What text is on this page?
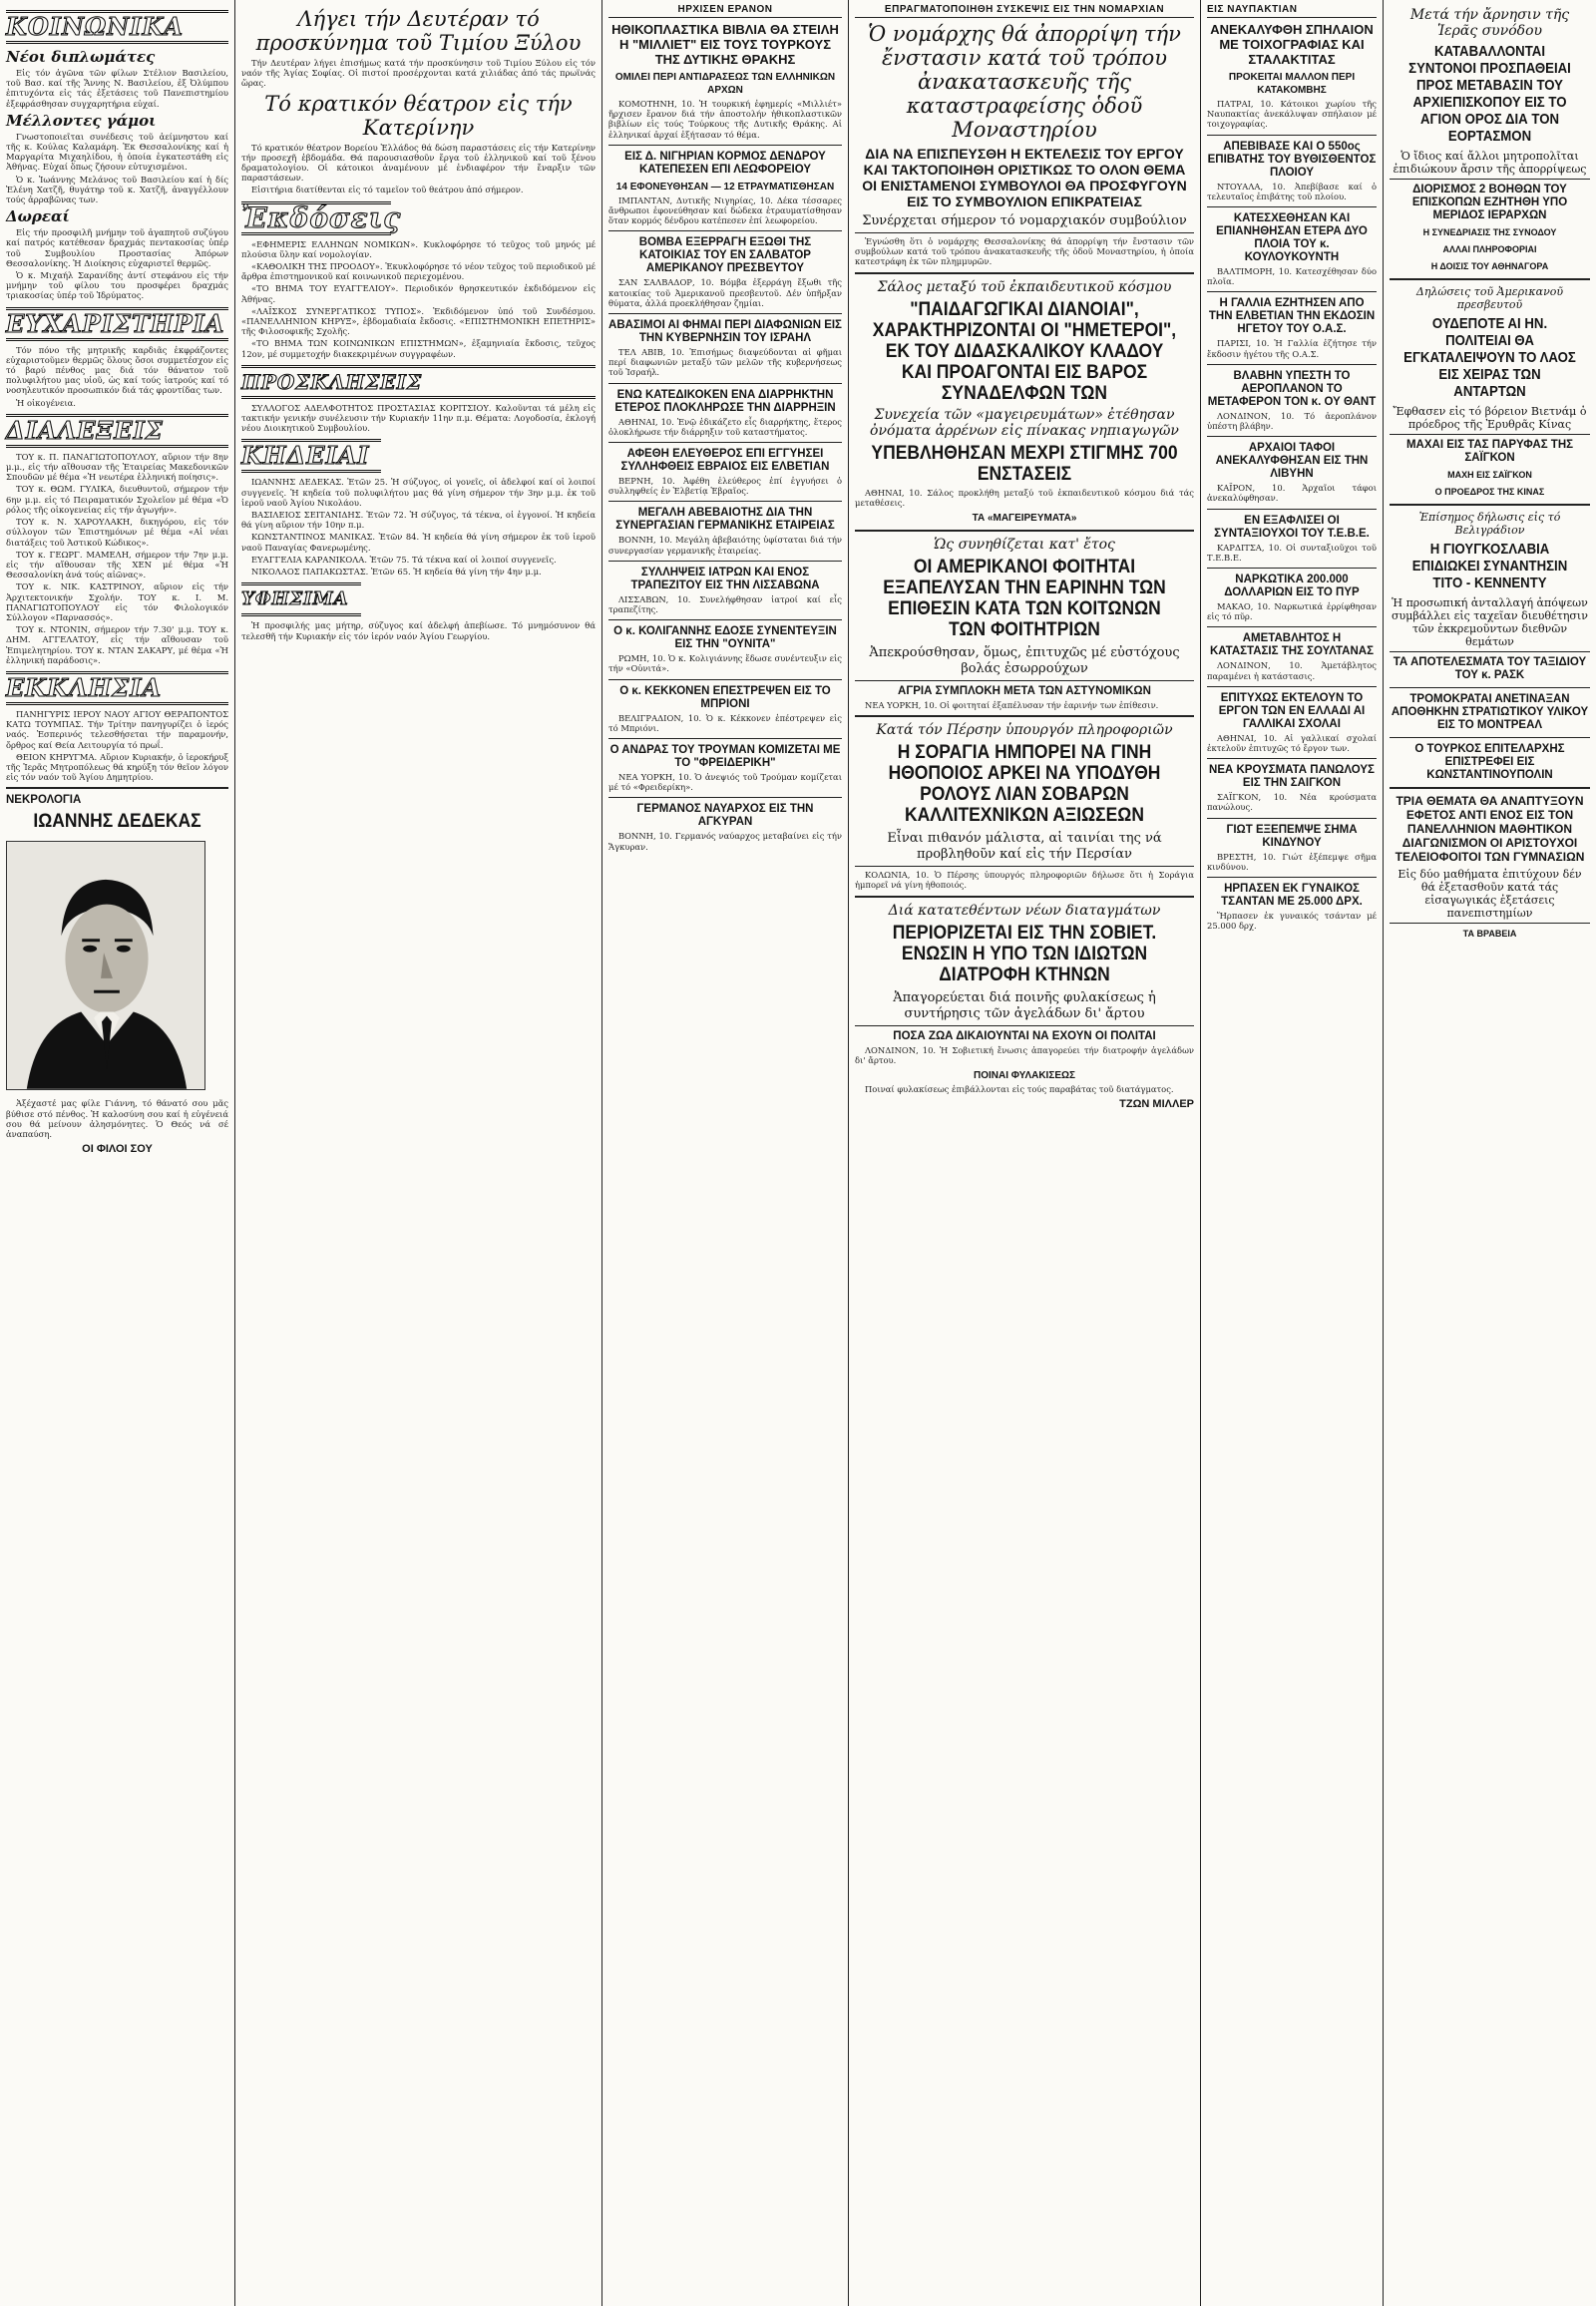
ΚΟΙΝΩΝΙΚΑ
Νέοι διπλωμάτες

Εἰς τόν ἀγῶνα τῶν φίλων Στέλιον Βασιλείου, τοῦ Βασ. καί τῆς Ἄννης Ν. Βασιλείου, ἐξ Ὀλύμπου ἐπιτυχόντα εἰς τάς ἐξετάσεις τοῦ Πανεπιστημίου ἐξεφράσθησαν συγχαρητήρια εὐχαί.

Μέλλοντες γάμοι

Γνωστοποιεῖται συνέδεσις τοῦ ἀείμνηστου καί τῆς κ. Κούλας Καλαμάρη. Ἐκ Θεσσαλονίκης καί ἡ Μαργαρίτα Μιχαηλίδου, ἡ ὁποία ἐγκατεστάθη εἰς Ἀθήνας. Εὐχαί ὅπως ζήσουν εὐτυχισμένοι.

Ὁ κ. Ἰωάννης Μελάνος τοῦ Βασιλείου καί ἡ δίς Ἑλένη Χατζῆ, θυγάτηρ τοῦ κ. Χατζῆ, ἀναγγέλλουν τούς ἀρραβῶνας των.

Δωρεαί

Εἰς τήν προσφιλῆ μνήμην τοῦ ἀγαπητοῦ συζύγου καί πατρός κατέθεσαν δραχμάς πεντακοσίας ὑπέρ τοῦ Συμβουλίου Προστασίας Ἀπόρων Θεσσαλονίκης. Ἡ Διοίκησις εὐχαριστεῖ θερμῶς.

Ὁ κ. Μιχαήλ Σαρανίδης ἀντί στεφάνου εἰς τήν μνήμην τοῦ φίλου του προσφέρει δραχμάς τριακοσίας ὑπέρ τοῦ Ἱδρύματος.

ΕΥΧΑΡΙΣΤΗΡΙΑ

Τόν πόνο τῆς μητρικῆς καρδιᾶς ἐκφράζοντες εὐχαριστοῦμεν θερμῶς ὅλους ὅσοι συμμετέσχον εἰς τό βαρύ πένθος μας διά τόν θάνατον τοῦ πολυφιλήτου μας υἱοῦ, ὡς καί τούς ἰατρούς καί τό νοσηλευτικόν προσωπικόν διά τάς φροντίδας των.

Ἡ οἰκογένεια.

ΔΙΑΛΕΞΕΙΣ

ΤΟΥ κ. Π. ΠΑΝΑΓΙΩΤΟΠΟΥΛΟΥ, αὔριον τήν 8ην μ.μ., εἰς τήν αἴθουσαν τῆς Ἑταιρείας Μακεδονικῶν Σπουδῶν μέ θέμα «Ἡ νεωτέρα ἑλληνική ποίησις».

ΤΟΥ κ. ΘΩΜ. ΓΥΛΙΚΑ, διευθυντοῦ, σήμερον τήν 6ην μ.μ. εἰς τό Πειραματικόν Σχολεῖον μέ θέμα «Ὁ ρόλος τῆς οἰκογενείας εἰς τήν ἀγωγήν».

ΤΟΥ κ. Ν. ΧΑΡΟΥΛΑΚΗ, δικηγόρου, εἰς τόν σύλλογον τῶν Ἐπιστημόνων μέ θέμα «Αἱ νέαι διατάξεις τοῦ Ἀστικοῦ Κώδικος».

ΤΟΥ κ. ΓΕΩΡΓ. ΜΑΜΕΛΗ, σήμερον τήν 7ην μ.μ. εἰς τήν αἴθουσαν τῆς ΧΕΝ μέ θέμα «Ἡ Θεσσαλονίκη ἀνά τούς αἰῶνας».

ΤΟΥ κ. ΝΙΚ. ΚΑΣΤΡΙΝΟΥ, αὔριον εἰς τήν Ἀρχιτεκτονικήν Σχολήν. ΤΟΥ κ. Ι. Μ. ΠΑΝΑΓΙΩΤΟΠΟΥΛΟΥ εἰς τόν Φιλολογικόν Σύλλογον «Παρνασσός».

ΤΟΥ κ. ΝΤΟΝΙΝ, σήμερον τήν 7.30' μ.μ. ΤΟΥ κ. ΔΗΜ. ΑΓΓΕΛΑΤΟΥ, εἰς τήν αἴθουσαν τοῦ Ἐπιμελητηρίου. ΤΟΥ κ. ΝΤΑΝ ΣΑΚΑΡΥ, μέ θέμα «Ἡ ἑλληνική παράδοσις».

ΕΚΚΛΗΣΙΑ

ΠΑΝΗΓΥΡΙΣ ΙΕΡΟΥ ΝΑΟΥ ΑΓΙΟΥ ΘΕΡΑΠΟΝΤΟΣ ΚΑΤΩ ΤΟΥΜΠΑΣ. Τήν Τρίτην πανηγυρίζει ὁ ἱερός ναός. Ἑσπερινός τελεσθήσεται τήν παραμονήν, ὄρθρος καί Θεία Λειτουργία τό πρωΐ.

ΘΕΙΟΝ ΚΗΡΥΓΜΑ. Αὔριον Κυριακήν, ὁ ἱεροκήρυξ τῆς Ἱερᾶς Μητροπόλεως θά κηρύξη τόν θεῖον λόγον εἰς τόν ναόν τοῦ Ἁγίου Δημητρίου.

ΝΕΚΡΟΛΟΓΙΑ
ΙΩΑΝΝΗΣ ΔΕΔΕΚΑΣ

Ἀξέχαστέ μας φίλε Γιάννη, τό θάνατό σου μᾶς βύθισε στό πένθος. Ἡ καλοσύνη σου καί ἡ εὐγένειά σου θά μείνουν ἀλησμόνητες. Ὁ Θεός νά σέ ἀναπαύση.

ΟΙ ΦΙΛΟΙ ΣΟΥ
Λήγει τήν Δευτέραν τό προσκύνημα τοῦ Τιμίου Ξύλου

Τήν Δευτέραν λήγει ἐπισήμως κατά τήν προσκύνησιν τοῦ Τιμίου Ξύλου εἰς τόν ναόν τῆς Ἁγίας Σοφίας. Οἱ πιστοί προσέρχονται κατά χιλιάδας ἀπό τάς πρωϊνάς ὥρας.

Τό κρατικόν θέατρον εἰς τήν Κατερίνην

Τό κρατικόν θέατρον Βορείου Ἑλλάδος θά δώση παραστάσεις εἰς τήν Κατερίνην τήν προσεχῆ ἑβδομάδα. Θά παρουσιασθοῦν ἔργα τοῦ ἑλληνικοῦ καί τοῦ ξένου δραματολογίου. Οἱ κάτοικοι ἀναμένουν μέ ἐνδιαφέρον τήν ἔναρξιν τῶν παραστάσεων.

Εἰσιτήρια διατίθενται εἰς τό ταμεῖον τοῦ θεάτρου ἀπό σήμερον.

Ἐκδόσεις

«ΕΦΗΜΕΡΙΣ ΕΛΛΗΝΩΝ ΝΟΜΙΚΩΝ». Κυκλοφόρησε τό τεῦχος τοῦ μηνός μέ πλούσια ὕλην καί νομολογίαν.

«ΚΑΘΟΛΙΚΗ ΤΗΣ ΠΡΟΟΔΟΥ». Ἐκυκλοφόρησε τό νέον τεῦχος τοῦ περιοδικοῦ μέ ἄρθρα ἐπιστημονικοῦ καί κοινωνικοῦ περιεχομένου.

«ΤΟ ΒΗΜΑ ΤΟΥ ΕΥΑΓΓΕΛΙΟΥ». Περιοδικόν θρησκευτικόν ἐκδιδόμενον εἰς Ἀθήνας.

«ΛΑΪΣΚΟΣ ΣΥΝΕΡΓΑΤΙΚΟΣ ΤΥΠΟΣ». Ἐκδιδόμενον ὑπό τοῦ Συνδέσμου. «ΠΑΝΕΛΛΗΝΙΟΝ ΚΗΡΥΞ», ἑβδομαδιαία ἔκδοσις. «ΕΠΙΣΤΗΜΟΝΙΚΗ ΕΠΕΤΗΡΙΣ» τῆς Φιλοσοφικῆς Σχολῆς.

«ΤΟ ΒΗΜΑ ΤΩΝ ΚΟΙΝΩΝΙΚΩΝ ΕΠΙΣΤΗΜΩΝ», ἑξαμηνιαία ἔκδοσις, τεῦχος 12ον, μέ συμμετοχήν διακεκριμένων συγγραφέων.

ΠΡΟΣΚΛΗΣΕΙΣ

ΣΥΛΛΟΓΟΣ ΑΔΕΛΦΟΤΗΤΟΣ ΠΡΟΣΤΑΣΙΑΣ ΚΟΡΙΤΣΙΟΥ. Καλοῦνται τά μέλη εἰς τακτικήν γενικήν συνέλευσιν τήν Κυριακήν 11ην π.μ. Θέματα: Λογοδοσία, ἐκλογή νέου Διοικητικοῦ Συμβουλίου.

ΚΗΔΕΙΑΙ

ΙΩΑΝΝΗΣ ΔΕΔΕΚΑΣ. Ἐτῶν 25. Ἡ σύζυγος, οἱ γονεῖς, οἱ ἀδελφοί καί οἱ λοιποί συγγενεῖς. Ἡ κηδεία τοῦ πολυφιλήτου μας θά γίνη σήμερον τήν 3ην μ.μ. ἐκ τοῦ ἱεροῦ ναοῦ Ἁγίου Νικολάου.

ΒΑΣΙΛΕΙΟΣ ΣΕΙΤΑΝΙΔΗΣ. Ἐτῶν 72. Ἡ σύζυγος, τά τέκνα, οἱ ἐγγονοί. Ἡ κηδεία θά γίνη αὔριον τήν 10ην π.μ.

ΚΩΝΣΤΑΝΤΙΝΟΣ ΜΑΝΙΚΑΣ. Ἐτῶν 84. Ἡ κηδεία θά γίνη σήμερον ἐκ τοῦ ἱεροῦ ναοῦ Παναγίας Φανερωμένης.

ΕΥΑΓΓΕΛΙΑ ΚΑΡΑΝΙΚΟΛΑ. Ἐτῶν 75. Τά τέκνα καί οἱ λοιποί συγγενεῖς.

ΝΙΚΟΛΑΟΣ ΠΑΠΑΚΩΣΤΑΣ. Ἐτῶν 65. Ἡ κηδεία θά γίνη τήν 4ην μ.μ.

ΥΦΗΣΙΜΑ

Ἡ προσφιλής μας μήτηρ, σύζυγος καί ἀδελφή ἀπεβίωσε. Τό μνημόσυνον θά τελεσθῆ τήν Κυριακήν εἰς τόν ἱερόν ναόν Ἁγίου Γεωργίου.

ΗΡΧΙΣΕΝ ΕΡΑΝΟΝ
ΗΘΙΚΟΠΛΑΣΤΙΚΑ ΒΙΒΛΙΑ ΘΑ ΣΤΕΙΛΗ Η "ΜΙΛΛΙΕΤ" ΕΙΣ ΤΟΥΣ ΤΟΥΡΚΟΥΣ ΤΗΣ ΔΥΤΙΚΗΣ ΘΡΑΚΗΣ
ΟΜΙΛΕΙ ΠΕΡΙ ΑΝΤΙΔΡΑΣΕΩΣ ΤΩΝ ΕΛΛΗΝΙΚΩΝ ΑΡΧΩΝ

ΚΟΜΟΤΗΝΗ, 10. Ἡ τουρκική ἐφημερίς «Μιλλιέτ» ἤρχισεν ἔρανον διά τήν ἀποστολήν ἠθικοπλαστικῶν βιβλίων εἰς τούς Τούρκους τῆς Δυτικῆς Θράκης. Αἱ ἑλληνικαί ἀρχαί ἐξήτασαν τό θέμα.

ΕΙΣ Δ. ΝΙΓΗΡΙΑΝ ΚΟΡΜΟΣ ΔΕΝΔΡΟΥ ΚΑΤΕΠΕΣΕΝ ΕΠΙ ΛΕΩΦΟΡΕΙΟΥ
14 ΕΦΟΝΕΥΘΗΣΑΝ — 12 ΕΤΡΑΥΜΑΤΙΣΘΗΣΑΝ

ΙΜΠΑΝΤΑΝ, Δυτικῆς Νιγηρίας, 10. Δέκα τέσσαρες ἄνθρωποι ἐφονεύθησαν καί δώδεκα ἐτραυματίσθησαν ὅταν κορμός δένδρου κατέπεσεν ἐπί λεωφορείου.

ΒΟΜΒΑ ΕΞΕΡΡΑΓΗ ΕΞΩΘΙ ΤΗΣ ΚΑΤΟΙΚΙΑΣ ΤΟΥ ΕΝ ΣΑΛΒΑΤΟΡ ΑΜΕΡΙΚΑΝΟΥ ΠΡΕΣΒΕΥΤΟΥ

ΣΑΝ ΣΑΛΒΑΔΟΡ, 10. Βόμβα ἐξερράγη ἔξωθι τῆς κατοικίας τοῦ Ἀμερικανοῦ πρεσβευτοῦ. Δέν ὑπῆρξαν θύματα, ἀλλά προεκλήθησαν ζημίαι.

ΑΒΑΣΙΜΟΙ ΑΙ ΦΗΜΑΙ ΠΕΡΙ ΔΙΑΦΩΝΙΩΝ ΕΙΣ ΤΗΝ ΚΥΒΕΡΝΗΣΙΝ ΤΟΥ ΙΣΡΑΗΛ

ΤΕΛ ΑΒΙΒ, 10. Ἐπισήμως διαψεύδονται αἱ φῆμαι περί διαφωνιῶν μεταξύ τῶν μελῶν τῆς κυβερνήσεως τοῦ Ἰσραήλ.

ΕΝΩ ΚΑΤΕΔΙΚΟΚΕΝ ΕΝΑ ΔΙΑΡΡΗΚΤΗΝ ΕΤΕΡΟΣ ΠΛΟΚΛΗΡΩΣΕ ΤΗΝ ΔΙΑΡΡΗΞΙΝ

ΑΘΗΝΑΙ, 10. Ἐνῷ ἐδικάζετο εἷς διαρρήκτης, ἕτερος ὁλοκλήρωσε τήν διάρρηξιν τοῦ καταστήματος.

ΑΦΕΘΗ ΕΛΕΥΘΕΡΟΣ ΕΠΙ ΕΓΓΥΗΣΕΙ ΣΥΛΛΗΦΘΕΙΣ ΕΒΡΑΙΟΣ ΕΙΣ ΕΛΒΕΤΙΑΝ

ΒΕΡΝΗ, 10. Ἀφέθη ἐλεύθερος ἐπί ἐγγυήσει ὁ συλληφθείς ἐν Ἐλβετίᾳ Ἑβραῖος.

ΜΕΓΑΛΗ ΑΒΕΒΑΙΟΤΗΣ ΔΙΑ ΤΗΝ ΣΥΝΕΡΓΑΣΙΑΝ ΓΕΡΜΑΝΙΚΗΣ ΕΤΑΙΡΕΙΑΣ

ΒΟΝΝΗ, 10. Μεγάλη ἀβεβαιότης ὑφίσταται διά τήν συνεργασίαν γερμανικῆς ἑταιρείας.

ΣΥΛΛΗΨΕΙΣ ΙΑΤΡΩΝ ΚΑΙ ΕΝΟΣ ΤΡΑΠΕΖΙΤΟΥ ΕΙΣ ΤΗΝ ΛΙΣΣΑΒΩΝΑ

ΛΙΣΣΑΒΩΝ, 10. Συνελήφθησαν ἰατροί καί εἷς τραπεζίτης.

Ο κ. ΚΟΛΙΓΑΝΝΗΣ ΕΔΟΣΕ ΣΥΝΕΝΤΕΥΞΙΝ ΕΙΣ ΤΗΝ "ΟΥΝΙΤΑ"

ΡΩΜΗ, 10. Ὁ κ. Κολιγιάννης ἔδωσε συνέντευξιν εἰς τήν «Οὐνιτά».

Ο κ. ΚΕΚΚΟΝΕΝ ΕΠΕΣΤΡΕΨΕΝ ΕΙΣ ΤΟ ΜΠΡΙΟΝΙ

ΒΕΛΙΓΡΑΔΙΟΝ, 10. Ὁ κ. Κέκκονεν ἐπέστρεψεν εἰς τό Μπριόνι.

Ο ΑΝΔΡΑΣ ΤΟΥ ΤΡΟΥΜΑΝ ΚΟΜΙΖΕΤΑΙ ΜΕ ΤΟ "ΦΡΕΙΔΕΡΙΚΗ"

ΝΕΑ ΥΟΡΚΗ, 10. Ὁ ἀνεψιός τοῦ Τρούμαν κομίζεται μέ τό «Φρειδερίκη».

ΓΕΡΜΑΝΟΣ ΝΑΥΑΡΧΟΣ ΕΙΣ ΤΗΝ ΑΓΚΥΡΑΝ

ΒΟΝΝΗ, 10. Γερμανός ναύαρχος μεταβαίνει εἰς τήν Ἄγκυραν.

ΕΠΡΑΓΜΑΤΟΠΟΙΗΘΗ ΣΥΣΚΕΨΙΣ ΕΙΣ ΤΗΝ ΝΟΜΑΡΧΙΑΝ
Ὁ νομάρχης θά ἀπορρίψη τήν ἔνστασιν κατά τοῦ τρόπου ἀνακατασκευῆς τῆς καταστραφείσης ὁδοῦ Μοναστηρίου
ΔΙΑ ΝΑ ΕΠΙΣΠΕΥΣΘΗ Η ΕΚΤΕΛΕΣΙΣ ΤΟΥ ΕΡΓΟΥ ΚΑΙ ΤΑΚΤΟΠΟΙΗΘΗ ΟΡΙΣΤΙΚΩΣ ΤΟ ΟΛΟΝ ΘΕΜΑ ΟΙ ΕΝΙΣΤΑΜΕΝΟΙ ΣΥΜΒΟΥΛΟΙ ΘΑ ΠΡΟΣΦΥΓΟΥΝ ΕΙΣ ΤΟ ΣΥΜΒΟΥΛΙΟΝ ΕΠΙΚΡΑΤΕΙΑΣ
Συνέρχεται σήμερον τό νομαρχιακόν συμβούλιον

Ἐγνώσθη ὅτι ὁ νομάρχης Θεσσαλονίκης θά ἀπορρίψη τήν ἔνστασιν τῶν συμβούλων κατά τοῦ τρόπου ἀνακατασκευῆς τῆς ὁδοῦ Μοναστηρίου, ἡ ὁποία κατεστράφη ἐκ τῶν πλημμυρῶν.

Σάλος μεταξύ τοῦ ἐκπαιδευτικοῦ κόσμου
"ΠΑΙΔΑΓΩΓΙΚΑΙ ΔΙΑΝΟΙΑΙ", ΧΑΡΑΚΤΗΡΙΖΟΝΤΑΙ ΟΙ "ΗΜΕΤΕΡΟΙ", ΕΚ ΤΟΥ ΔΙΔΑΣΚΑΛΙΚΟΥ ΚΛΑΔΟΥ ΚΑΙ ΠΡΟΑΓΟΝΤΑΙ ΕΙΣ ΒΑΡΟΣ ΣΥΝΑΔΕΛΦΩΝ ΤΩΝ
Συνεχεία τῶν «μαγειρευμάτων» ἐτέθησαν ὀνόματα ἀρρένων εἰς πίνακας νηπιαγωγῶν
ΥΠΕΒΛΗΘΗΣΑΝ ΜΕΧΡΙ ΣΤΙΓΜΗΣ 700 ΕΝΣΤΑΣΕΙΣ

ΑΘΗΝΑΙ, 10. Σάλος προκλήθη μεταξύ τοῦ ἐκπαιδευτικοῦ κόσμου διά τάς μεταθέσεις.

ΤΑ «ΜΑΓΕΙΡΕΥΜΑΤΑ»
Ὡς συνηθίζεται κατ' ἔτος
ΟΙ ΑΜΕΡΙΚΑΝΟΙ ΦΟΙΤΗΤΑΙ ΕΞΑΠΕΛΥΣΑΝ ΤΗΝ ΕΑΡΙΝΗΝ ΤΩΝ ΕΠΙΘΕΣΙΝ ΚΑΤΑ ΤΩΝ ΚΟΙΤΩΝΩΝ ΤΩΝ ΦΟΙΤΗΤΡΙΩΝ
Ἀπεκρούσθησαν, ὅμως, ἐπιτυχῶς μέ εὐστόχους βολάς ἐσωρρούχων
ΑΓΡΙΑ ΣΥΜΠΛΟΚΗ ΜΕΤΑ ΤΩΝ ΑΣΤΥΝΟΜΙΚΩΝ

ΝΕΑ ΥΟΡΚΗ, 10. Οἱ φοιτηταί ἐξαπέλυσαν τήν ἐαρινήν των ἐπίθεσιν.

Κατά τόν Πέρσην ὑπουργόν πληροφοριῶν
Η ΣΟΡΑΓΙΑ ΗΜΠΟΡΕΙ ΝΑ ΓΙΝΗ ΗΘΟΠΟΙΟΣ ΑΡΚΕΙ ΝΑ ΥΠΟΔΥΘΗ ΡΟΛΟΥΣ ΛΙΑΝ ΣΟΒΑΡΩΝ ΚΑΛΛΙΤΕΧΝΙΚΩΝ ΑΞΙΩΣΕΩΝ
Εἶναι πιθανόν μάλιστα, αἱ ταινίαι της νά προβληθοῦν καί εἰς τήν Περσίαν

ΚΟΛΩΝΙΑ, 10. Ὁ Πέρσης ὑπουργός πληροφοριῶν δήλωσε ὅτι ἡ Σοράγια ἠμπορεῖ νά γίνη ἠθοποιός.

Διά κατατεθέντων νέων διαταγμάτων
ΠΕΡΙΟΡΙΖΕΤΑΙ ΕΙΣ ΤΗΝ ΣΟΒΙΕΤ. ΕΝΩΣΙΝ Η ΥΠΟ ΤΩΝ ΙΔΙΩΤΩΝ ΔΙΑΤΡΟΦΗ ΚΤΗΝΩΝ
Ἀπαγορεύεται διά ποινῆς φυλακίσεως ἡ συντήρησις τῶν ἀγελάδων δι' ἄρτου
ΠΟΣΑ ΖΩΑ ΔΙΚΑΙΟΥΝΤΑΙ ΝΑ ΕΧΟΥΝ ΟΙ ΠΟΛΙΤΑΙ

ΛΟΝΔΙΝΟΝ, 10. Ἡ Σοβιετική ἔνωσις ἀπαγορεύει τήν διατροφήν ἀγελάδων δι' ἄρτου.

ΠΟΙΝΑΙ ΦΥΛΑΚΙΣΕΩΣ

Ποιναί φυλακίσεως ἐπιβάλλονται εἰς τούς παραβάτας τοῦ διατάγματος.

ΤΖΩΝ ΜΙΛΛΕΡ
ΕΙΣ ΝΑΥΠΑΚΤΙΑΝ
ΑΝΕΚΑΛΥΦΘΗ ΣΠΗΛΑΙΟΝ ΜΕ ΤΟΙΧΟΓΡΑΦΙΑΣ ΚΑΙ ΣΤΑΛΑΚΤΙΤΑΣ
ΠΡΟΚΕΙΤΑΙ ΜΑΛΛΟΝ ΠΕΡΙ ΚΑΤΑΚΟΜΒΗΣ

ΠΑΤΡΑΙ, 10. Κάτοικοι χωρίου τῆς Ναυπακτίας ἀνεκάλυψαν σπήλαιον μέ τοιχογραφίας.

ΑΠΕΒΙΒΑΣΕ ΚΑΙ Ο 550ος ΕΠΙΒΑΤΗΣ ΤΟΥ ΒΥΘΙΣΘΕΝΤΟΣ ΠΛΟΙΟΥ

ΝΤΟΥΑΛΑ, 10. Ἀπεβίβασε καί ὁ τελευταῖος ἐπιβάτης τοῦ πλοίου.

ΚΑΤΕΣΧΕΘΗΣΑΝ ΚΑΙ ΕΠΙΑΝΗΘΗΣΑΝ ΕΤΕΡΑ ΔΥΟ ΠΛΟΙΑ ΤΟΥ κ. ΚΟΥΛΟΥΚΟΥΝΤΗ

ΒΑΛΤΙΜΟΡΗ, 10. Κατεσχέθησαν δύο πλοῖα.

Η ΓΑΛΛΙΑ ΕΖΗΤΗΣΕΝ ΑΠΟ ΤΗΝ ΕΛΒΕΤΙΑΝ ΤΗΝ ΕΚΔΟΣΙΝ ΗΓΕΤΟΥ ΤΟΥ Ο.Α.Σ.

ΠΑΡΙΣΙ, 10. Ἡ Γαλλία ἐζήτησε τήν ἔκδοσιν ἡγέτου τῆς Ο.Α.Σ.

ΒΛΑΒΗΝ ΥΠΕΣΤΗ ΤΟ ΑΕΡΟΠΛΑΝΟΝ ΤΟ ΜΕΤΑΦΕΡΟΝ ΤΟΝ κ. ΟΥ ΘΑΝΤ

ΛΟΝΔΙΝΟΝ, 10. Τό ἀεροπλάνον ὑπέστη βλάβην.

ΑΡΧΑΙΟΙ ΤΑΦΟΙ ΑΝΕΚΑΛΥΦΘΗΣΑΝ ΕΙΣ ΤΗΝ ΛΙΒΥΗΝ

ΚΑΪΡΟΝ, 10. Ἀρχαῖοι τάφοι ἀνεκαλύφθησαν.

ΕΝ ΕΞΑΦΛΙΣΕΙ ΟΙ ΣΥΝΤΑΞΙΟΥΧΟΙ ΤΟΥ Τ.Ε.Β.Ε.

ΚΑΡΔΙΤΣΑ, 10. Οἱ συνταξιοῦχοι τοῦ Τ.Ε.Β.Ε.

ΝΑΡΚΩΤΙΚΑ 200.000 ΔΟΛΛΑΡΙΩΝ ΕΙΣ ΤΟ ΠΥΡ

ΜΑΚΑΟ, 10. Ναρκωτικά ἐρρίφθησαν εἰς τό πῦρ.

ΑΜΕΤΑΒΛΗΤΟΣ Η ΚΑΤΑΣΤΑΣΙΣ ΤΗΣ ΣΟΥΛΤΑΝΑΣ

ΛΟΝΔΙΝΟΝ, 10. Ἀμετάβλητος παραμένει ἡ κατάστασις.

ΕΠΙΤΥΧΩΣ ΕΚΤΕΛΟΥΝ ΤΟ ΕΡΓΟΝ ΤΩΝ ΕΝ ΕΛΛΑΔΙ ΑΙ ΓΑΛΛΙΚΑΙ ΣΧΟΛΑΙ

ΑΘΗΝΑΙ, 10. Αἱ γαλλικαί σχολαί ἐκτελοῦν ἐπιτυχῶς τό ἔργον των.

ΝΕΑ ΚΡΟΥΣΜΑΤΑ ΠΑΝΩΛΟΥΣ ΕΙΣ ΤΗΝ ΣΑΙΓΚΟΝ

ΣΑΪΓΚΟΝ, 10. Νέα κρούσματα πανώλους.

ΓΙΩΤ ΕΞΕΠΕΜΨΕ ΣΗΜΑ ΚΙΝΔΥΝΟΥ

ΒΡΕΣΤΗ, 10. Γιώτ ἐξέπεμψε σῆμα κινδύνου.

ΗΡΠΑΣΕΝ ΕΚ ΓΥΝΑΙΚΟΣ ΤΣΑΝΤΑΝ ΜΕ 25.000 ΔΡΧ.

Ἥρπασεν ἐκ γυναικός τσάνταν μέ 25.000 δρχ.

Μετά τήν ἄρνησιν τῆς Ἱερᾶς συνόδου
ΚΑΤΑΒΑΛΛΟΝΤΑΙ ΣΥΝΤΟΝΟΙ ΠΡΟΣΠΑΘΕΙΑΙ ΠΡΟΣ ΜΕΤΑΒΑΣΙΝ ΤΟΥ ΑΡΧΙΕΠΙΣΚΟΠΟΥ ΕΙΣ ΤΟ ΑΓΙΟΝ ΟΡΟΣ ΔΙΑ ΤΟΝ ΕΟΡΤΑΣΜΟΝ
Ὁ ἴδιος καί ἄλλοι μητροπολῖται ἐπιδιώκουν ἄρσιν τῆς ἀπορρίψεως
ΔΙΟΡΙΣΜΟΣ 2 ΒΟΗΘΩΝ ΤΟΥ ΕΠΙΣΚΟΠΩΝ ΕΖΗΤΗΘΗ ΥΠΟ ΜΕΡΙΔΟΣ ΙΕΡΑΡΧΩΝ
Η ΣΥΝΕΔΡΙΑΣΙΣ ΤΗΣ ΣΥΝΟΔΟΥ
ΑΛΛΑΙ ΠΛΗΡΟΦΟΡΙΑΙ
Η ΔΟΙΣΙΣ ΤΟΥ ΑΘΗΝΑΓΟΡΑ
Δηλώσεις τοῦ Ἀμερικανοῦ πρεσβευτοῦ
ΟΥΔΕΠΟΤΕ ΑΙ ΗΝ. ΠΟΛΙΤΕΙΑΙ ΘΑ ΕΓΚΑΤΑΛΕΙΨΟΥΝ ΤΟ ΛΑΟΣ ΕΙΣ ΧΕΙΡΑΣ ΤΩΝ ΑΝΤΑΡΤΩΝ
Ἔφθασεν εἰς τό βόρειον Βιετνάμ ὁ πρόεδρος τῆς Ἐρυθρᾶς Κίνας
ΜΑΧΑΙ ΕΙΣ ΤΑΣ ΠΑΡΥΦΑΣ ΤΗΣ ΣΑΪΓΚΟΝ
ΜΑΧΗ ΕΙΣ ΣΑΪΓΚΟΝ
Ο ΠΡΟΕΔΡΟΣ ΤΗΣ ΚΙΝΑΣ
Ἐπίσημος δήλωσις εἰς τό Βελιγράδιον
Η ΓΙΟΥΓΚΟΣΛΑΒΙΑ ΕΠΙΔΙΩΚΕΙ ΣΥΝΑΝΤΗΣΙΝ ΤΙΤΟ - ΚΕΝΝΕΝΤΥ
Ἡ προσωπική ἀνταλλαγή ἀπόψεων συμβάλλει εἰς ταχεῖαν διευθέτησιν τῶν ἐκκρεμοῦντων διεθνῶν θεμάτων
ΤΑ ΑΠΟΤΕΛΕΣΜΑΤΑ ΤΟΥ ΤΑΞΙΔΙΟΥ ΤΟΥ κ. ΡΑΣΚ
ΤΡΟΜΟΚΡΑΤΑΙ ΑΝΕΤΙΝΑΞΑΝ ΑΠΟΘΗΚΗΝ ΣΤΡΑΤΙΩΤΙΚΟΥ ΥΛΙΚΟΥ ΕΙΣ ΤΟ ΜΟΝΤΡΕΑΛ
Ο ΤΟΥΡΚΟΣ ΕΠΙΤΕΛΑΡΧΗΣ ΕΠΙΣΤΡΕΦΕΙ ΕΙΣ ΚΩΝΣΤΑΝΤΙΝΟΥΠΟΛΙΝ
ΤΡΙΑ ΘΕΜΑΤΑ ΘΑ ΑΝΑΠΤΥΞΟΥΝ ΕΦΕΤΟΣ ΑΝΤΙ ΕΝΟΣ ΕΙΣ ΤΟΝ ΠΑΝΕΛΛΗΝΙΟΝ ΜΑΘΗΤΙΚΟΝ ΔΙΑΓΩΝΙΣΜΟΝ ΟΙ ΑΡΙΣΤΟΥΧΟΙ ΤΕΛΕΙΟΦΟΙΤΟΙ ΤΩΝ ΓΥΜΝΑΣΙΩΝ
Εἰς δύο μαθήματα ἐπιτύχουν δέν θά ἐξετασθοῦν κατά τάς εἰσαγωγικάς ἐξετάσεις πανεπιστημίων
ΤΑ ΒΡΑΒΕΙΑ
